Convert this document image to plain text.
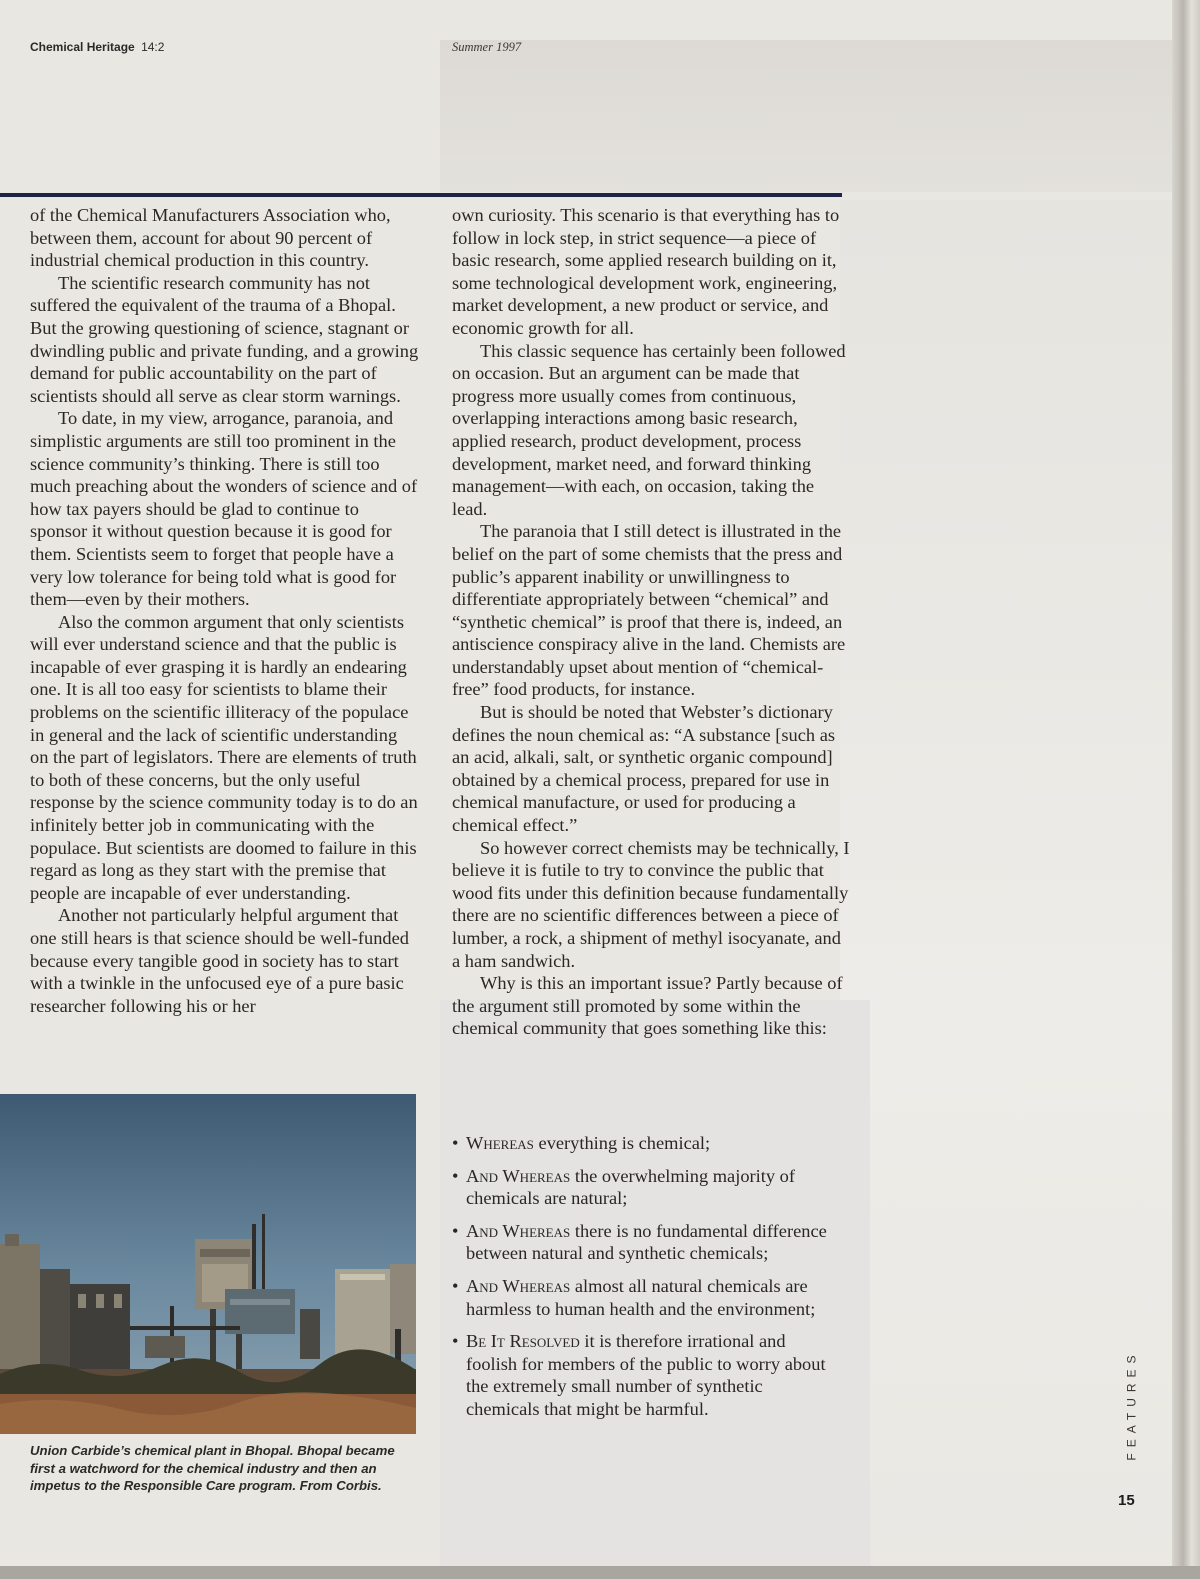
Chemical Heritage 14:2	Summer 1997

of the Chemical Manufacturers Association who, between them, account for about 90 percent of industrial chemical production in this country.

The scientific research community has not suffered the equivalent of the trauma of a Bhopal. But the growing questioning of science, stagnant or dwindling public and private funding, and a growing demand for public accountability on the part of scientists should all serve as clear storm warnings.

To date, in my view, arrogance, paranoia, and simplistic arguments are still too prominent in the science community’s thinking. There is still too much preaching about the wonders of science and of how tax payers should be glad to continue to sponsor it without question because it is good for them. Scientists seem to forget that people have a very low tolerance for being told what is good for them—even by their mothers.

Also the common argument that only scientists will ever understand science and that the public is incapable of ever grasping it is hardly an endearing one. It is all too easy for scientists to blame their problems on the scientific illiteracy of the populace in general and the lack of scientific understanding on the part of legislators. There are elements of truth to both of these concerns, but the only useful response by the science community today is to do an infinitely better job in communicating with the populace. But scientists are doomed to failure in this regard as long as they start with the premise that people are incapable of ever understanding.

Another not particularly helpful argument that one still hears is that science should be well-funded because every tangible good in society has to start with a twinkle in the unfocused eye of a pure basic researcher following his or her

own curiosity. This scenario is that everything has to follow in lock step, in strict sequence—a piece of basic research, some applied research building on it, some technological development work, engineering, market development, a new product or service, and economic growth for all.

This classic sequence has certainly been followed on occasion. But an argument can be made that progress more usually comes from continuous, overlapping interactions among basic research, applied research, product development, process development, market need, and forward thinking management—with each, on occasion, taking the lead.

The paranoia that I still detect is illustrated in the belief on the part of some chemists that the press and public’s apparent inability or unwillingness to differentiate appropriately between “chemical” and “synthetic chemical” is proof that there is, indeed, an antiscience conspiracy alive in the land. Chemists are understandably upset about mention of “chemical-free” food products, for instance.

But is should be noted that Webster’s dictionary defines the noun chemical as: “A substance [such as an acid, alkali, salt, or synthetic organic compound] obtained by a chemical process, prepared for use in chemical manufacture, or used for producing a chemical effect.”

So however correct chemists may be technically, I believe it is futile to try to convince the public that wood fits under this definition because fundamentally there are no scientific differences between a piece of lumber, a rock, a shipment of methyl isocyanate, and a ham sandwich.

Why is this an important issue? Partly because of the argument still promoted by some within the chemical community that goes something like this:

• Whereas everything is chemical;
• And Whereas the overwhelming majority of chemicals are natural;
• And Whereas there is no fundamental difference between natural and synthetic chemicals;
• And Whereas almost all natural chemicals are harmless to human health and the environment;
• Be It Resolved it is therefore irrational and foolish for members of the public to worry about the extremely small number of synthetic chemicals that might be harmful.
Union Carbide’s chemical plant in Bhopal. Bhopal became first a watchword for the chemical industry and then an impetus to the Responsible Care program. From Corbis.
FEATURES
15
